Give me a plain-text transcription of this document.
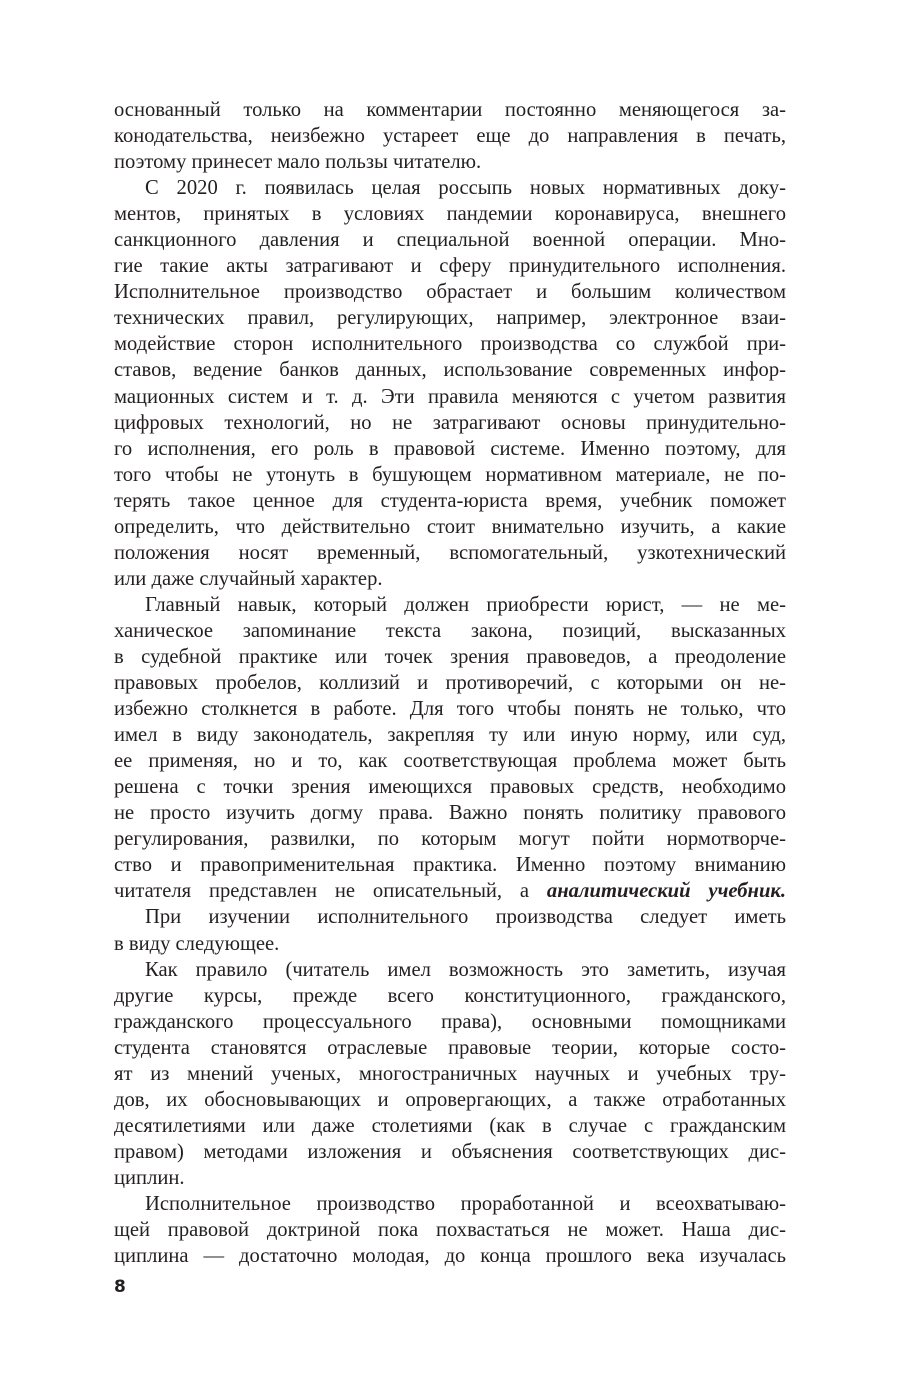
основанный только на комментарии постоянно меняющегося за-
конодательства, неизбежно устареет еще до направления в печать,
поэтому принесет мало пользы читателю.
С 2020 г. появилась целая россыпь новых нормативных доку-
ментов, принятых в условиях пандемии коронавируса, внешнего
санкционного давления и специальной военной операции. Мно-
гие такие акты затрагивают и сферу принудительного исполнения.
Исполнительное производство обрастает и большим количеством
технических правил, регулирующих, например, электронное взаи-
модействие сторон исполнительного производства со службой при-
ставов, ведение банков данных, использование современных инфор-
мационных систем и т. д. Эти правила меняются с учетом развития
цифровых технологий, но не затрагивают основы принудительно-
го исполнения, его роль в правовой системе. Именно поэтому, для
того чтобы не утонуть в бушующем нормативном материале, не по-
терять такое ценное для студента-юриста время, учебник поможет
определить, что действительно стоит внимательно изучить, а какие
положения носят временный, вспомогательный, узкотехнический
или даже случайный характер.
Главный навык, который должен приобрести юрист, — не ме-
ханическое запоминание текста закона, позиций, высказанных
в судебной практике или точек зрения правоведов, а преодоление
правовых пробелов, коллизий и противоречий, с которыми он не-
избежно столкнется в работе. Для того чтобы понять не только, что
имел в виду законодатель, закрепляя ту или иную норму, или суд,
ее применяя, но и то, как соответствующая проблема может быть
решена с точки зрения имеющихся правовых средств, необходимо
не просто изучить догму права. Важно понять политику правового
регулирования, развилки, по которым могут пойти нормотворче-
ство и правоприменительная практика. Именно поэтому вниманию
читателя представлен не описательный, а аналитический учебник.
При изучении исполнительного производства следует иметь
в виду следующее.
Как правило (читатель имел возможность это заметить, изучая
другие курсы, прежде всего конституционного, гражданского,
гражданского процессуального права), основными помощниками
студента становятся отраслевые правовые теории, которые состо-
ят из мнений ученых, многостраничных научных и учебных тру-
дов, их обосновывающих и опровергающих, а также отработанных
десятилетиями или даже столетиями (как в случае с гражданским
правом) методами изложения и объяснения соответствующих дис-
циплин.
Исполнительное производство проработанной и всеохватываю-
щей правовой доктриной пока похвастаться не может. Наша дис-
циплина — достаточно молодая, до конца прошлого века изучалась
8
